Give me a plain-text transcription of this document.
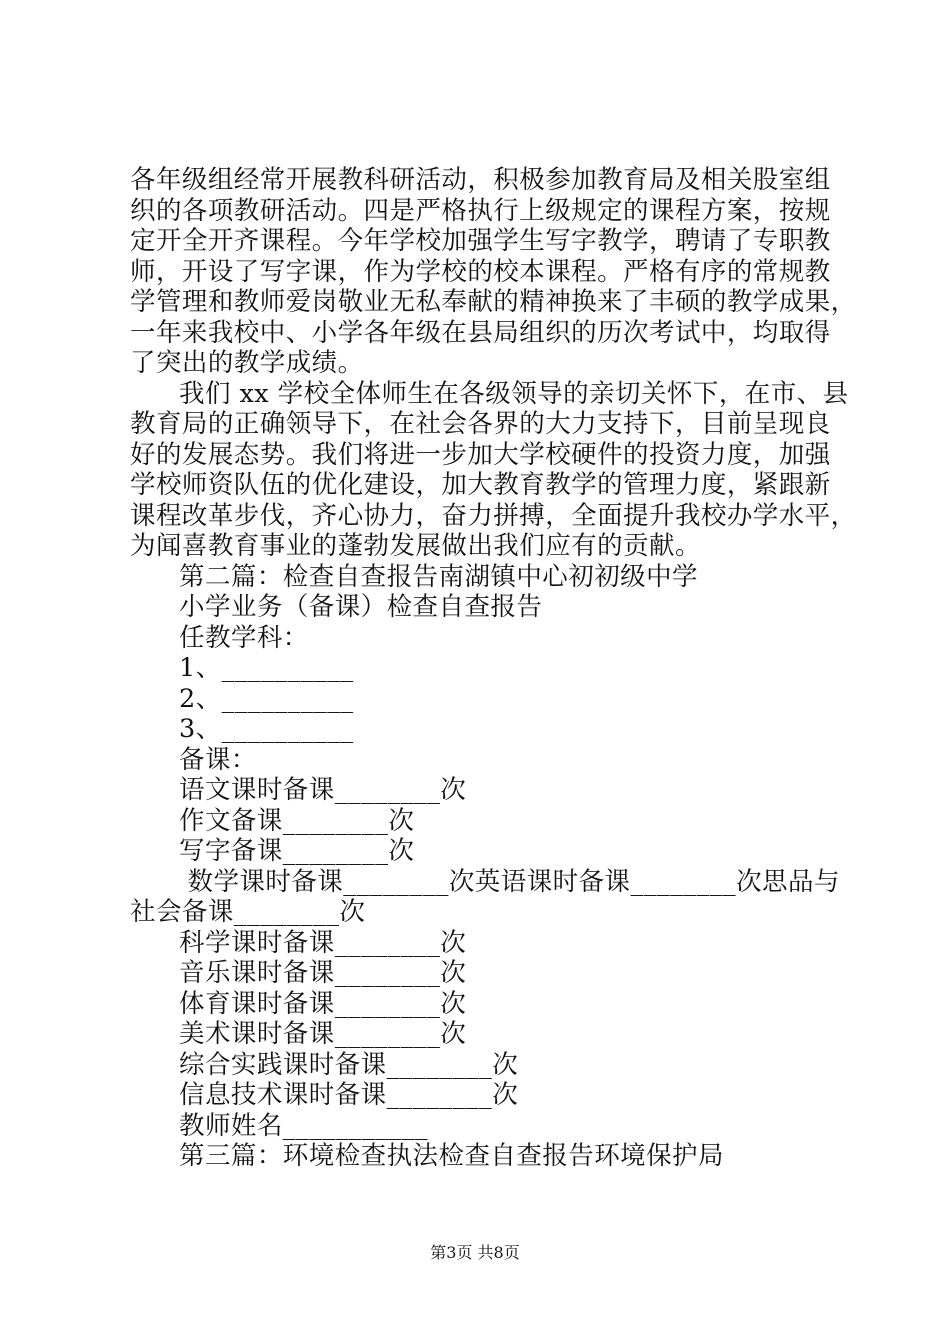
各年级组经常开展教科研活动，积极参加教育局及相关股室组
织的各项教研活动。四是严格执行上级规定的课程方案，按规
定开全开齐课程。今年学校加强学生写字教学，聘请了专职教
师，开设了写字课，作为学校的校本课程。严格有序的常规教
学管理和教师爱岗敬业无私奉献的精神换来了丰硕的教学成果，
一年来我校中、小学各年级在县局组织的历次考试中，均取得
了突出的教学成绩。
我们 xx 学校全体师生在各级领导的亲切关怀下，在市、县
教育局的正确领导下，在社会各界的大力支持下，目前呈现良
好的发展态势。我们将进一步加大学校硬件的投资力度，加强
学校师资队伍的优化建设，加大教育教学的管理力度，紧跟新
课程改革步伐，齐心协力，奋力拼搏，全面提升我校办学水平，
为闻喜教育事业的蓬勃发展做出我们应有的贡献。
第二篇：检查自查报告南湖镇中心初初级中学
小学业务（备课）检查自查报告
任教学科：
1、__________
2、__________
3、__________
备课：
语文课时备课________次
作文备课________次
写字备课________次
数学课时备课________次英语课时备课________次思品与
社会备课________次
科学课时备课________次
音乐课时备课________次
体育课时备课________次
美术课时备课________次
综合实践课时备课________次
信息技术课时备课________次
教师姓名___________
第三篇：环境检查执法检查自查报告环境保护局
第3页 共8页
